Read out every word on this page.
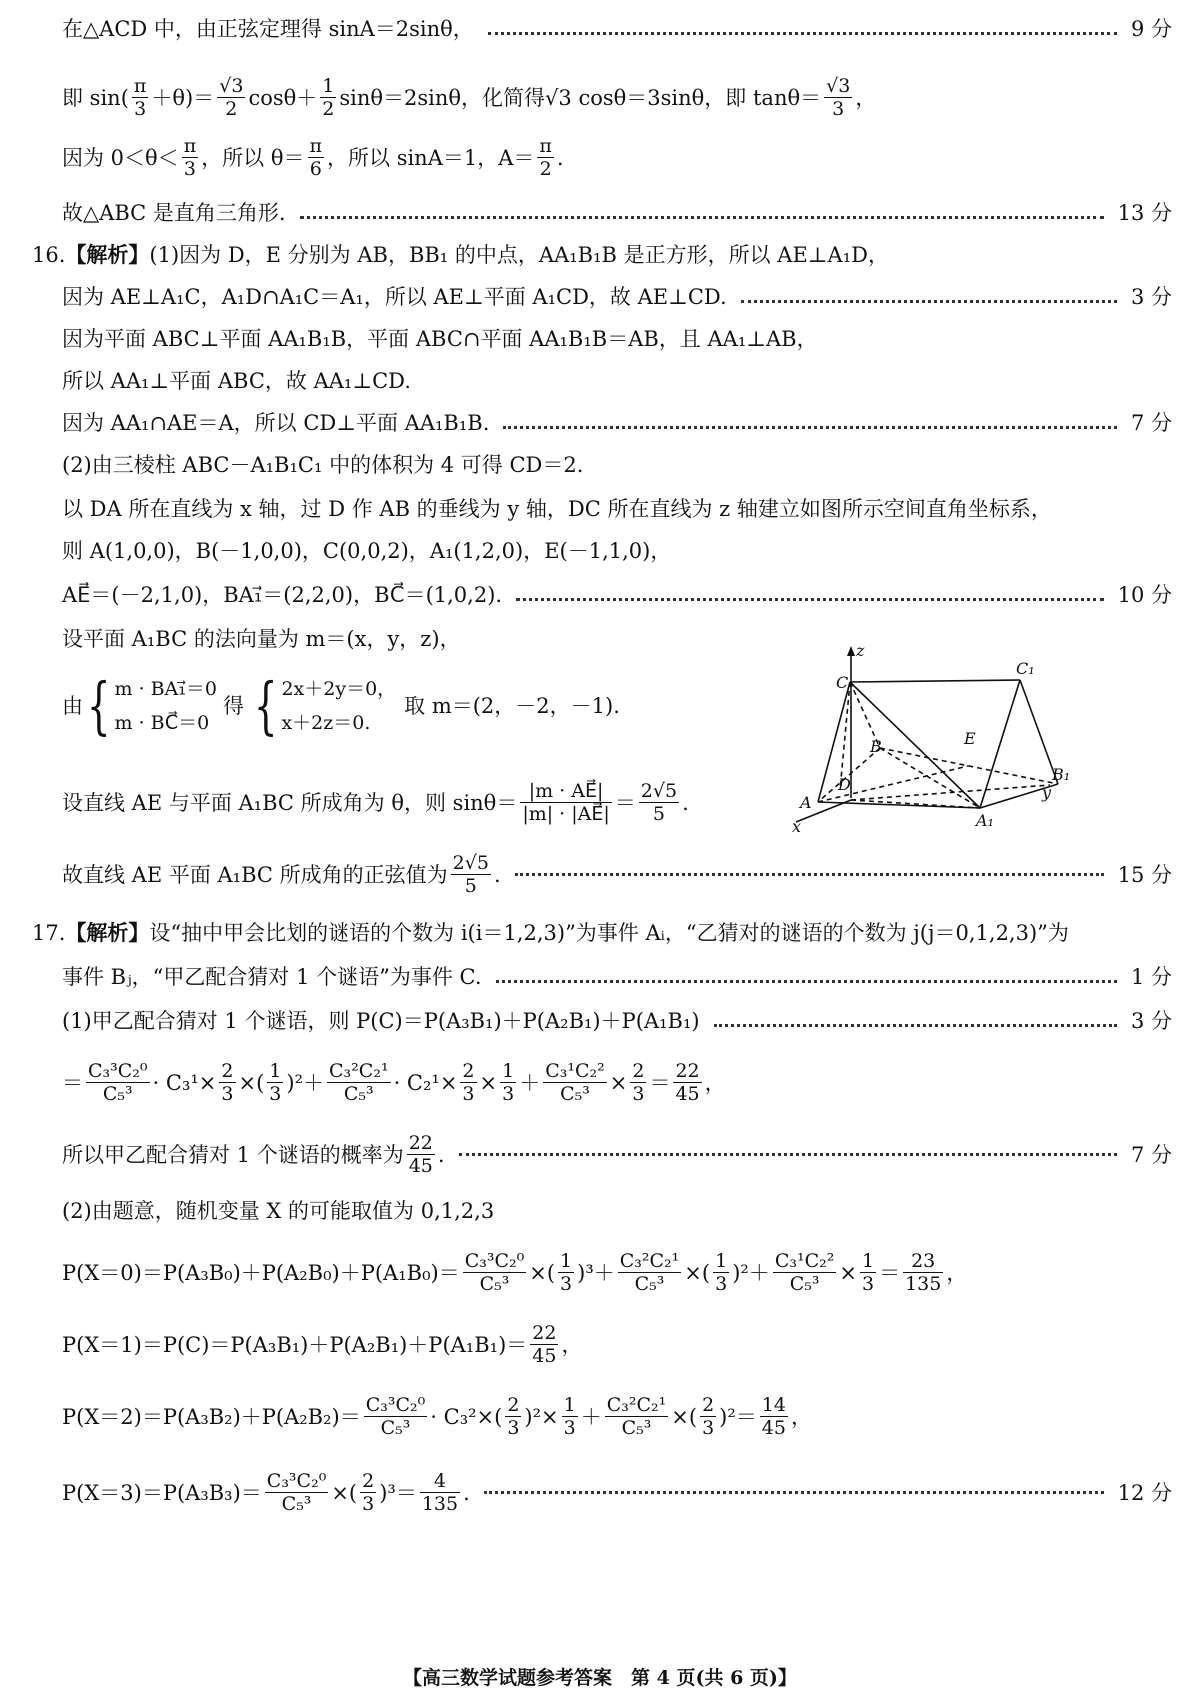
在△ACD 中，由正弦定理得 sinA＝2sinθ，	9 分
即 $\sin( \frac{\pi}{3} +\theta)= \frac{√3}{2} \cos\theta+ \frac{1}{2} \sin\theta=2\sin\theta$，化简得√3 cosθ＝3sinθ，即 $\tan\theta= \frac{√3}{3}$ ，
因为 $0<\theta< \frac{\pi}{3}$ ，所以 $\theta= \frac{\pi}{6}$ ，所以 sinA＝1，$A= \frac{\pi}{2}$ .
故△ABC 是直角三角形.	13 分
16. 【解析】 (1)因为 D，E 分别为 AB，BB₁ 的中点，AA₁B₁B 是正方形，所以 AE⊥A₁D，
因为 AE⊥A₁C，A₁D∩A₁C＝A₁，所以 AE⊥平面 A₁CD，故 AE⊥CD.	3 分
因为平面 ABC⊥平面 AA₁B₁B，平面 ABC∩平面 AA₁B₁B＝AB，且 AA₁⊥AB，
所以 AA₁⊥平面 ABC，故 AA₁⊥CD.
因为 AA₁∩AE＝A，所以 CD⊥平面 AA₁B₁B.	7 分
(2)由三棱柱 ABC－A₁B₁C₁ 中的体积为 4 可得 CD＝2.
以 DA 所在直线为 x 轴，过 D 作 AB 的垂线为 y 轴，DC 所在直线为 z 轴建立如图所示空间直角坐标系，
则 A(1,0,0)，B(－1,0,0)，C(0,0,2)，A₁(1,2,0)，E(－1,1,0)，
AE⃗＝(－2,1,0)，BA₁⃗＝(2,2,0)，BC⃗＝(1,0,2).	10 分
设平面 A₁BC 的法向量为 m＝(x，y，z)，
由 { m · BA₁⃗＝0
m · BC⃗＝0
得 { 2x＋2y＝0，
x＋2z＝0.
取 m＝(2，－2，－1).
设直线 AE 与平面 A₁BC 所成角为 θ，则 $\sin\theta= \frac{|m \cdot AE⃗|}{|m| \cdot |AE⃗|} = \frac{2√5}{5}$ .
故直线 AE 平面 A₁BC 所成角的正弦值为 $\frac{2√5}{5}$ .	15 分
17. 【解析】 设“抽中甲会比划的谜语的个数为 i(i＝1,2,3)”为事件 Aᵢ，“乙猜对的谜语的个数为 j(j＝0,1,2,3)”为
事件 Bⱼ，“甲乙配合猜对 1 个谜语”为事件 C.	1 分
(1)甲乙配合猜对 1 个谜语，则 P(C)＝P(A₃B₁)＋P(A₂B₁)＋P(A₁B₁)	3 分
＝ $\frac{\text{C₃³C₂⁰}}{\text{C₅³}} \cdot C_3^1\times \frac{2}{3}$ ×( $\frac{1}{3} )^2+ \frac{\text{C₃²C₂¹}}{\text{C₅³}} \cdot C_2^1\times \frac{2}{3} \times \frac{1}{3} + \frac{\text{C₃¹C₂²}}{\text{C₅³}} \times \frac{2}{3} = \frac{22}{45}$ ，
所以甲乙配合猜对 1 个谜语的概率为 $\frac{22}{45}$ .	7 分
(2)由题意，随机变量 X 的可能取值为 0,1,2,3
$P(X=0)=P(A_3B_0)+P(A_2B_0)+P(A_1B_0)= \frac{\text{C₃³C₂⁰}}{\text{C₅³}}$ ×( $\frac{1}{3} )^3+ \frac{\text{C₃²C₂¹}}{\text{C₅³}}$ ×( $\frac{1}{3} )^2+ \frac{\text{C₃¹C₂²}}{\text{C₅³}} \times \frac{1}{3} = \frac{23}{135}$ ，
$P(X=1)=P(C)=P(A_3B_1)+P(A_2B_1)+P(A_1B_1)= \frac{22}{45}$ ，
$P(X=2)=P(A_3B_2)+P(A_2B_2)= \frac{\text{C₃³C₂⁰}}{\text{C₅³}} \cdot C_3^2\times( \frac{2}{3} )^2\times \frac{1}{3} + \frac{\text{C₃²C₂¹}}{\text{C₅³}}$ ×( $\frac{2}{3} )^2= \frac{14}{45}$ ，
$P(X=3)=P(A_3B_3)= \frac{\text{C₃³C₂⁰}}{\text{C₅³}}$ ×( $\frac{2}{3} )^3= \frac{4}{135}$ .	12 分
z
C
C₁
B	E
B₁
D	y
A
x	A₁
【高三数学试题参考答案　第 4 页(共 6 页)】
